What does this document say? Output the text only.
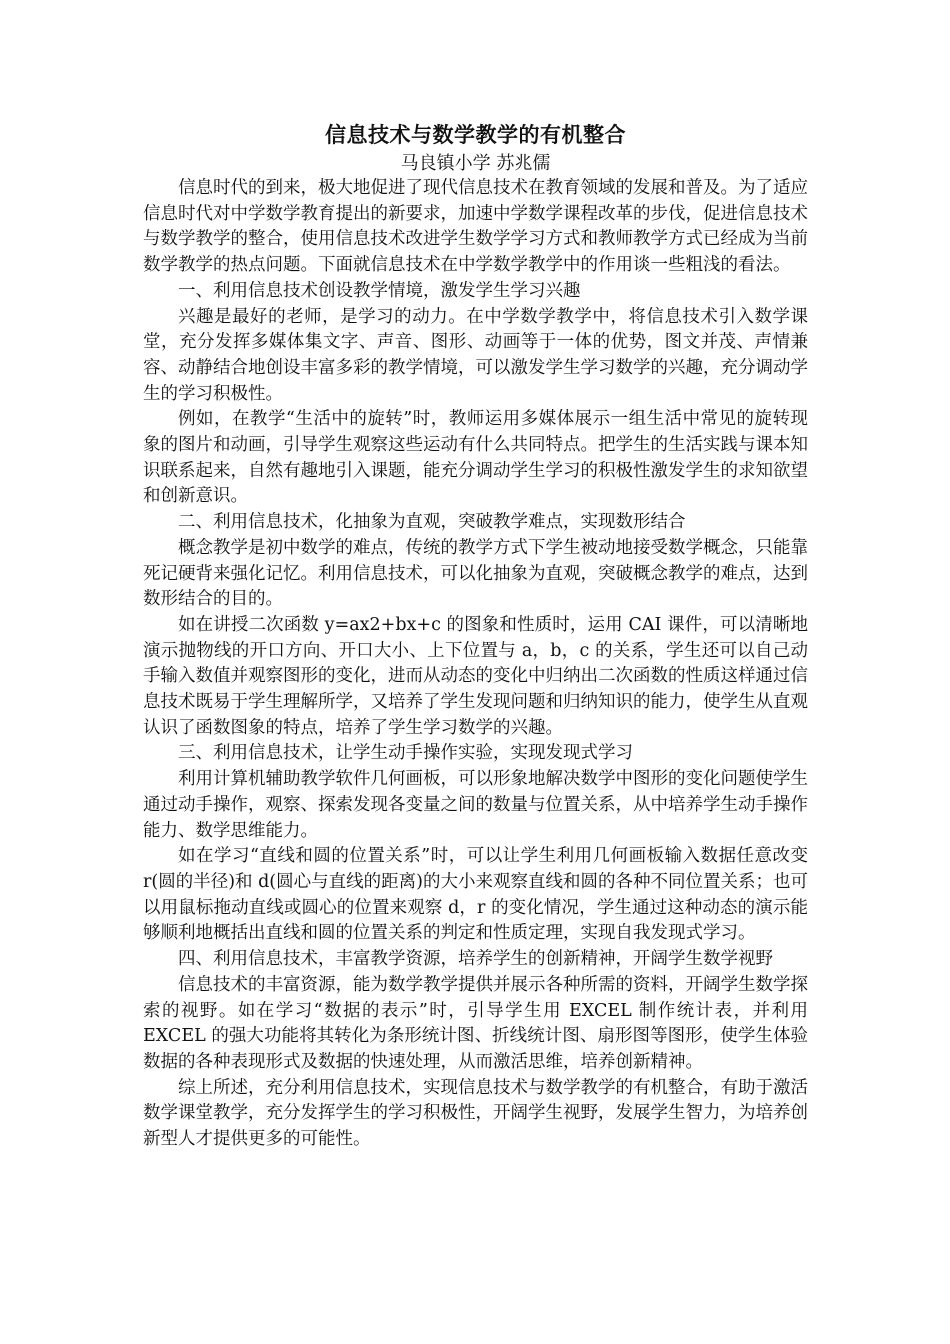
信息技术与数学教学的有机整合

马良镇小学 苏兆儒

信息时代的到来，极大地促进了现代信息技术在教育领域的发展和普及。为了适应信息时代对中学数学教育提出的新要求，加速中学数学课程改革的步伐，促进信息技术与数学教学的整合，使用信息技术改进学生数学学习方式和教师教学方式已经成为当前数学教学的热点问题。下面就信息技术在中学数学教学中的作用谈一些粗浅的看法。

一、利用信息技术创设教学情境，激发学生学习兴趣

兴趣是最好的老师，是学习的动力。在中学数学教学中，将信息技术引入数学课堂，充分发挥多媒体集文字、声音、图形、动画等于一体的优势，图文并茂、声情兼容、动静结合地创设丰富多彩的教学情境，可以激发学生学习数学的兴趣，充分调动学生的学习积极性。

例如，在教学“生活中的旋转”时，教师运用多媒体展示一组生活中常见的旋转现象的图片和动画，引导学生观察这些运动有什么共同特点。把学生的生活实践与课本知识联系起来，自然有趣地引入课题，能充分调动学生学习的积极性激发学生的求知欲望和创新意识。

二、利用信息技术，化抽象为直观，突破教学难点，实现数形结合

概念教学是初中数学的难点，传统的教学方式下学生被动地接受数学概念，只能靠死记硬背来强化记忆。利用信息技术，可以化抽象为直观，突破概念教学的难点，达到数形结合的目的。

如在讲授二次函数 y=ax2+bx+c 的图象和性质时，运用 CAI 课件，可以清晰地演示抛物线的开口方向、开口大小、上下位置与 a，b，c 的关系，学生还可以自己动手输入数值并观察图形的变化，进而从动态的变化中归纳出二次函数的性质这样通过信息技术既易于学生理解所学，又培养了学生发现问题和归纳知识的能力，使学生从直观认识了函数图象的特点，培养了学生学习数学的兴趣。

三、利用信息技术，让学生动手操作实验，实现发现式学习

利用计算机辅助教学软件几何画板，可以形象地解决数学中图形的变化问题使学生通过动手操作，观察、探索发现各变量之间的数量与位置关系，从中培养学生动手操作能力、数学思维能力。

如在学习“直线和圆的位置关系”时，可以让学生利用几何画板输入数据任意改变 r(圆的半径)和 d(圆心与直线的距离)的大小来观察直线和圆的各种不同位置关系；也可以用鼠标拖动直线或圆心的位置来观察 d，r 的变化情况，学生通过这种动态的演示能够顺利地概括出直线和圆的位置关系的判定和性质定理，实现自我发现式学习。

四、利用信息技术，丰富教学资源，培养学生的创新精神，开阔学生数学视野

信息技术的丰富资源，能为数学教学提供并展示各种所需的资料，开阔学生数学探索的视野。如在学习“数据的表示”时，引导学生用 EXCEL 制作统计表，并利用 EXCEL 的强大功能将其转化为条形统计图、折线统计图、扇形图等图形，使学生体验数据的各种表现形式及数据的快速处理，从而激活思维，培养创新精神。

综上所述，充分利用信息技术，实现信息技术与数学教学的有机整合，有助于激活数学课堂教学，充分发挥学生的学习积极性，开阔学生视野，发展学生智力，为培养创新型人才提供更多的可能性。
